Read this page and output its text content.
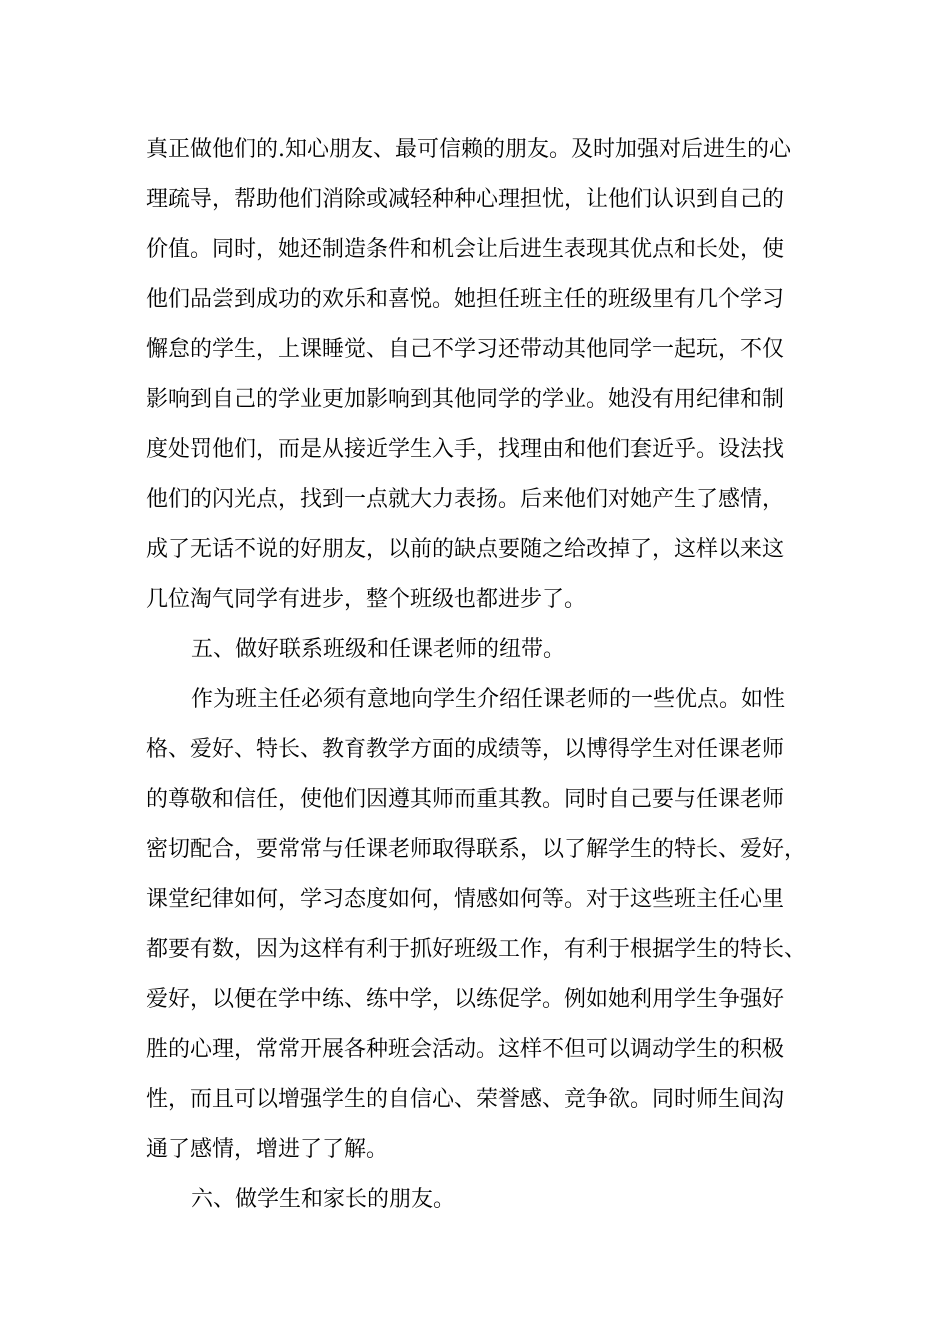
真正做他们的.知心朋友、最可信赖的朋友。及时加强对后进生的心
理疏导，帮助他们消除或减轻种种心理担忧，让他们认识到自己的
价值。同时，她还制造条件和机会让后进生表现其优点和长处，使
他们品尝到成功的欢乐和喜悦。她担任班主任的班级里有几个学习
懈怠的学生，上课睡觉、自己不学习还带动其他同学一起玩，不仅
影响到自己的学业更加影响到其他同学的学业。她没有用纪律和制
度处罚他们，而是从接近学生入手，找理由和他们套近乎。设法找
他们的闪光点，找到一点就大力表扬。后来他们对她产生了感情，
成了无话不说的好朋友，以前的缺点要随之给改掉了，这样以来这
几位淘气同学有进步，整个班级也都进步了。
五、做好联系班级和任课老师的纽带。
作为班主任必须有意地向学生介绍任课老师的一些优点。如性
格、爱好、特长、教育教学方面的成绩等，以博得学生对任课老师
的尊敬和信任，使他们因遵其师而重其教。同时自己要与任课老师
密切配合，要常常与任课老师取得联系，以了解学生的特长、爱好，
课堂纪律如何，学习态度如何，情感如何等。对于这些班主任心里
都要有数，因为这样有利于抓好班级工作，有利于根据学生的特长、
爱好，以便在学中练、练中学，以练促学。例如她利用学生争强好
胜的心理，常常开展各种班会活动。这样不但可以调动学生的积极
性，而且可以增强学生的自信心、荣誉感、竞争欲。同时师生间沟
通了感情，增进了了解。
六、做学生和家长的朋友。
